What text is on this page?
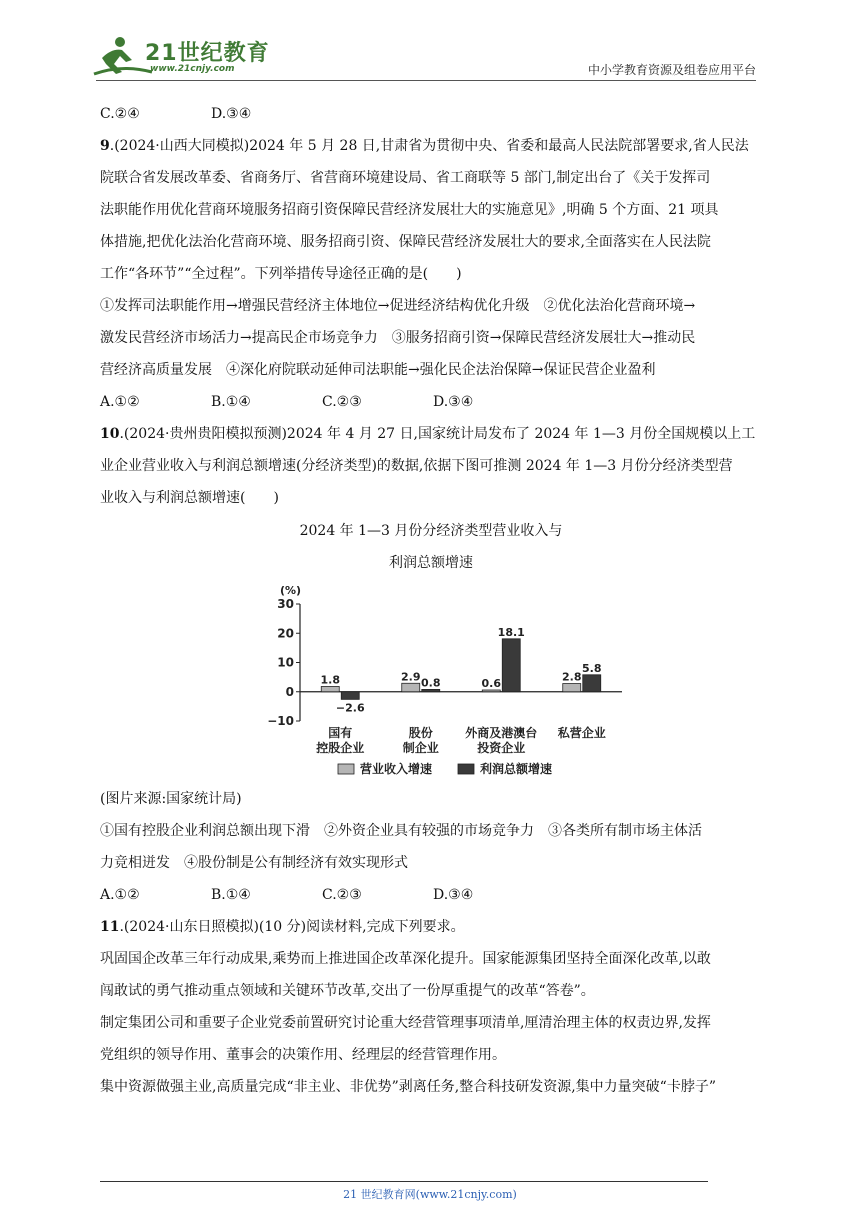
21世纪教育
www.21cnjy.com	中小学教育资源及组卷应用平台
C.②④	D.③④

9.(2024·山西大同模拟)2024 年 5 月 28 日,甘肃省为贯彻中央、省委和最高人民法院部署要求,省人民法

院联合省发展改革委、省商务厅、省营商环境建设局、省工商联等 5 部门,制定出台了《关于发挥司

法职能作用优化营商环境服务招商引资保障民营经济发展壮大的实施意见》,明确 5 个方面、21 项具

体措施,把优化法治化营商环境、服务招商引资、保障民营经济发展壮大的要求,全面落实在人民法院

工作“各环节”“全过程”。下列举措传导途径正确的是(　　)

①发挥司法职能作用→增强民营经济主体地位→促进经济结构优化升级　②优化法治化营商环境→

激发民营经济市场活力→提高民企市场竞争力　③服务招商引资→保障民营经济发展壮大→推动民

营经济高质量发展　④深化府院联动延伸司法职能→强化民企法治保障→保证民营企业盈利

A.①②	B.①④	C.②③	D.③④

10.(2024·贵州贵阳模拟预测)2024 年 4 月 27 日,国家统计局发布了 2024 年 1—3 月份全国规模以上工

业企业营业收入与利润总额增速(分经济类型)的数据,依据下图可推测 2024 年 1—3 月份分经济类型营

业收入与利润总额增速(　　)

2024 年 1—3 月份分经济类型营业收入与
利润总额增速
(%)
30
20
10
0
−10
1.8
−2.6
国有
控股企业
2.9 0.8
股份
制企业
0.6
18.1
外商及港澳台
投资企业
2.8
5.8
私营企业
营业收入增速	利润总额增速

(图片来源:国家统计局)

①国有控股企业利润总额出现下滑　②外资企业具有较强的市场竞争力　③各类所有制市场主体活

力竞相迸发　④股份制是公有制经济有效实现形式

A.①②	B.①④	C.②③	D.③④

11.(2024·山东日照模拟)(10 分)阅读材料,完成下列要求。

巩固国企改革三年行动成果,乘势而上推进国企改革深化提升。国家能源集团坚持全面深化改革,以敢

闯敢试的勇气推动重点领域和关键环节改革,交出了一份厚重提气的改革“答卷”。

制定集团公司和重要子企业党委前置研究讨论重大经营管理事项清单,厘清治理主体的权责边界,发挥

党组织的领导作用、董事会的决策作用、经理层的经营管理作用。

集中资源做强主业,高质量完成“非主业、非优势”剥离任务,整合科技研发资源,集中力量突破“卡脖子”

21 世纪教育网(www.21cnjy.com)
